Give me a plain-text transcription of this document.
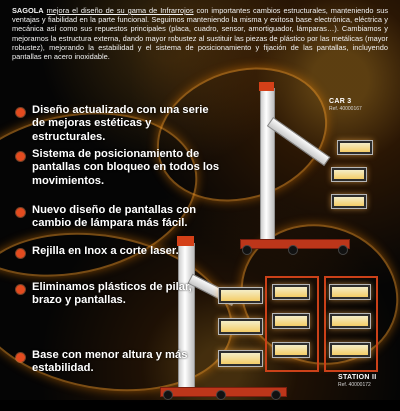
SAGOLA mejora el diseño de su gama de Infrarrojos con importantes cambios estructurales, manteniendo sus ventajas y fiabilidad en la parte funcional. Seguimos manteniendo la misma y exitosa base electrónica, eléctrica y mecánica así como sus repuestos principales (placa, cuadro, sensor, amortiguador, lámparas…). Cambiamos y mejoramos la estructura externa, dando mayor robustez al sustituir las piezas de plástico por las metálicas (mayor robustez), mejorando la estabilidad y el sistema de posicionamiento y fijación de las pantallas, incluyendo pantallas en acero inoxidable.
CAR 3
Ref. 40000167
STATION II
Ref. 40000172
Diseño actualizado con una serie de mejoras estéticas y estructurales.
Sistema de posicionamiento de pantallas con bloqueo en todos los movimientos.
Nuevo diseño de pantallas con cambio de lámpara más fácil.
Rejilla en Inox a corte laser.
Eliminamos plásticos de pilar, brazo y pantallas.
Base con menor altura y más estabilidad.
